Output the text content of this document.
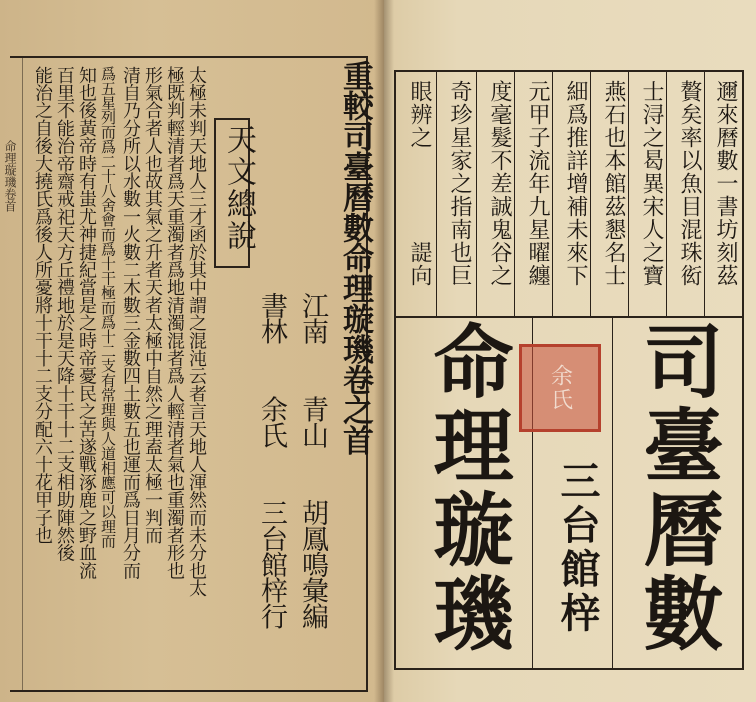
重較司臺曆數命理璇璣卷之首
江南　　青山　　胡鳳鳴彙編
書林　　余氏　　三台館梓行
天文總說
太極未判天地人三才函於其中謂之混沌云者言天地人渾然而未分也太
極既判輕清者爲天重濁者爲地清濁混者爲人輕清者氣也重濁者形也
形氣合者人也故其氣之升者天者太極中自然之理盍太極一判而
清自乃分所以水數一火數二木數三金數四土數五也運而爲日月分而
爲五星列而爲二十八舍會而爲十干極而爲十二支有常理與人道相應可以理而
知也後黃帝時有蚩尤神捷紀當是之時帝憂民之苦遂戰涿鹿之野血流
百里不能治帝齋戒祀天方丘禮地於是天降十干十二支相助陣然後
能治之自後大撓氏爲後人所憂將十干十二支分配六十花甲子也
命理璇璣卷首	邇來曆數一書坊刻茲
贅矣率以魚目混珠衒
士浔之曷異宋人之寶
燕石也本館茲懇名士
細爲推詳增補未來下
元甲子流年九星曜纏
度毫髮不差誠鬼谷之
奇珍星家之指南也巨
眼辨之　　　　諟向
司臺曆數
命理璇璣 三台館梓
余氏
